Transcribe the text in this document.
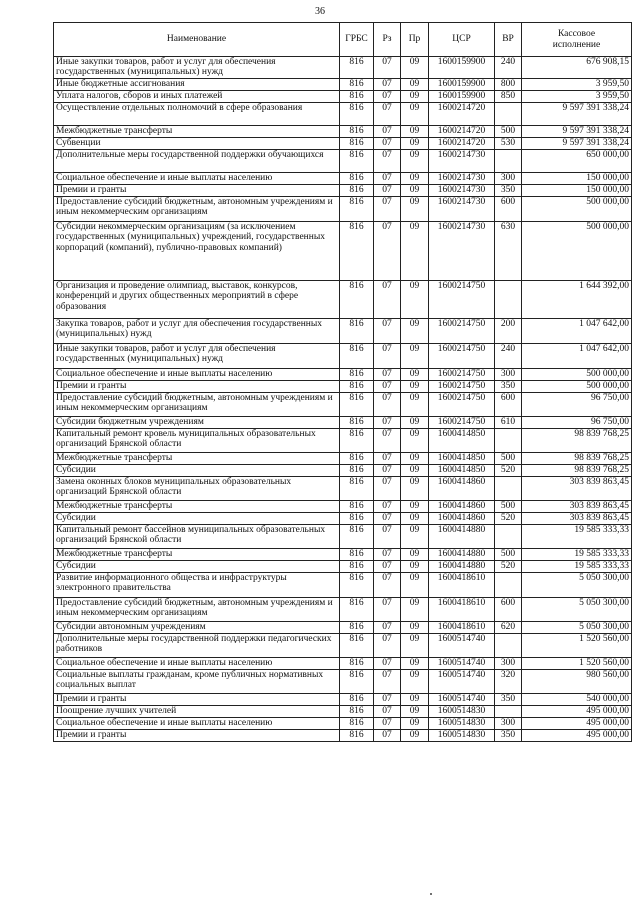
36
Наименование	ГРБС	Рз	Пр	ЦСР	ВР	Кассовое исполнение
Иные закупки товаров, работ и услуг для обеспечения государственных (муниципальных) нужд	816	07	09	1600159900	240	676 908,15
Иные бюджетные ассигнования	816	07	09	1600159900	800	3 959,50
Уплата налогов, сборов и иных платежей	816	07	09	1600159900	850	3 959,50
Осуществление отдельных полномочий в сфере образования	816	07	09	1600214720		9 597 391 338,24
Межбюджетные трансферты	816	07	09	1600214720	500	9 597 391 338,24
Субвенции	816	07	09	1600214720	530	9 597 391 338,24
Дополнительные меры государственной поддержки обучающихся	816	07	09	1600214730		650 000,00
Социальное обеспечение и иные выплаты населению	816	07	09	1600214730	300	150 000,00
Премии и гранты	816	07	09	1600214730	350	150 000,00
Предоставление субсидий бюджетным, автономным учреждениям и иным некоммерческим организациям	816	07	09	1600214730	600	500 000,00
Субсидии некоммерческим организациям (за исключением государственных (муниципальных) учреждений, государственных корпораций (компаний), публично-правовых компаний)	816	07	09	1600214730	630	500 000,00
Организация и проведение олимпиад, выставок, конкурсов, конференций и других общественных мероприятий в сфере образования	816	07	09	1600214750		1 644 392,00
Закупка товаров, работ и услуг для обеспечения государственных (муниципальных) нужд	816	07	09	1600214750	200	1 047 642,00
Иные закупки товаров, работ и услуг для обеспечения государственных (муниципальных) нужд	816	07	09	1600214750	240	1 047 642,00
Социальное обеспечение и иные выплаты населению	816	07	09	1600214750	300	500 000,00
Премии и гранты	816	07	09	1600214750	350	500 000,00
Предоставление субсидий бюджетным, автономным учреждениям и иным некоммерческим организациям	816	07	09	1600214750	600	96 750,00
Субсидии бюджетным учреждениям	816	07	09	1600214750	610	96 750,00
Капитальный ремонт кровель муниципальных образовательных организаций Брянской области	816	07	09	1600414850		98 839 768,25
Межбюджетные трансферты	816	07	09	1600414850	500	98 839 768,25
Субсидии	816	07	09	1600414850	520	98 839 768,25
Замена оконных блоков муниципальных образовательных организаций Брянской области	816	07	09	1600414860		303 839 863,45
Межбюджетные трансферты	816	07	09	1600414860	500	303 839 863,45
Субсидии	816	07	09	1600414860	520	303 839 863,45
Капитальный ремонт бассейнов муниципальных образовательных организаций Брянской области	816	07	09	1600414880		19 585 333,33
Межбюджетные трансферты	816	07	09	1600414880	500	19 585 333,33
Субсидии	816	07	09	1600414880	520	19 585 333,33
Развитие информационного общества и инфраструктуры электронного правительства	816	07	09	1600418610		5 050 300,00
Предоставление субсидий бюджетным, автономным учреждениям и иным некоммерческим организациям	816	07	09	1600418610	600	5 050 300,00
Субсидии автономным учреждениям	816	07	09	1600418610	620	5 050 300,00
Дополнительные меры государственной поддержки педагогических работников	816	07	09	1600514740		1 520 560,00
Социальное обеспечение и иные выплаты населению	816	07	09	1600514740	300	1 520 560,00
Социальные выплаты гражданам, кроме публичных нормативных социальных выплат	816	07	09	1600514740	320	980 560,00
Премии и гранты	816	07	09	1600514740	350	540 000,00
Поощрение лучших учителей	816	07	09	1600514830		495 000,00
Социальное обеспечение и иные выплаты населению	816	07	09	1600514830	300	495 000,00
Премии и гранты	816	07	09	1600514830	350	495 000,00
